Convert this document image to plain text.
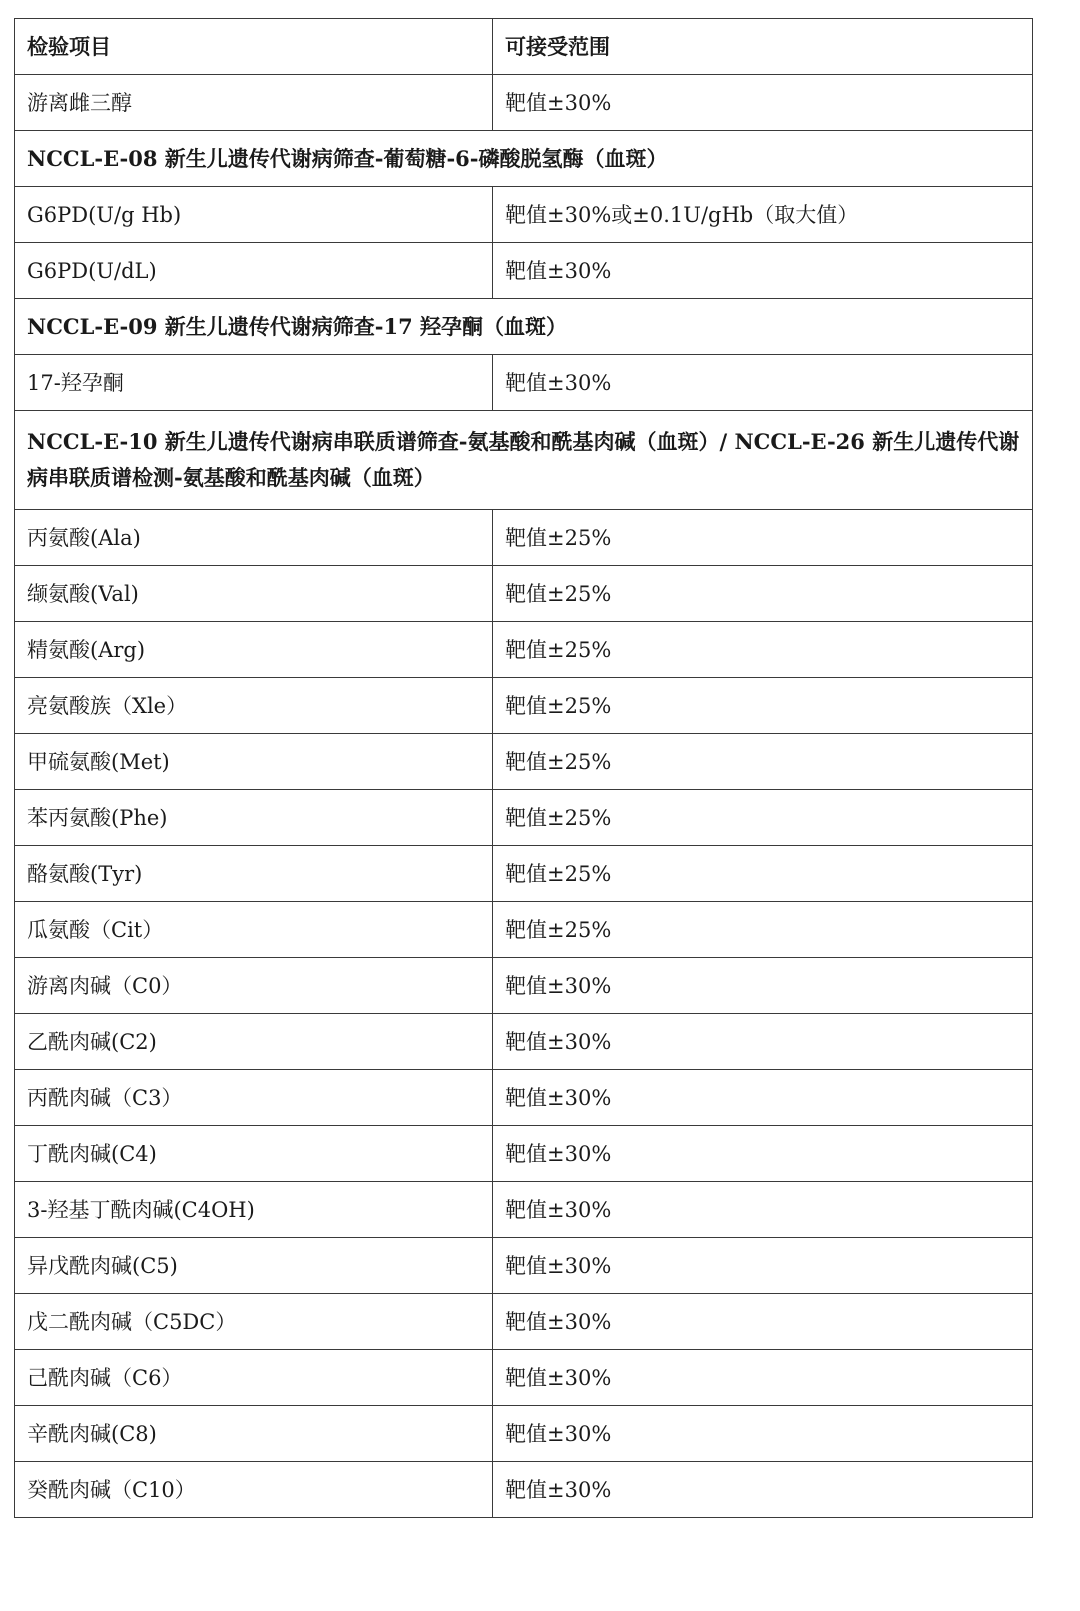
检验项目	可接受范围
游离雌三醇	靶值±30%
NCCL-E-08 新生儿遗传代谢病筛查-葡萄糖-6-磷酸脱氢酶（血斑）	
G6PD(U/g Hb)	靶值±30%或±0.1U/gHb（取大值）
G6PD(U/dL)	靶值±30%
NCCL-E-09 新生儿遗传代谢病筛查-17 羟孕酮（血斑）	
17-羟孕酮	靶值±30%
NCCL-E-10 新生儿遗传代谢病串联质谱筛查-氨基酸和酰基肉碱（血斑）/ NCCL-E-26 新生儿遗传代谢病串联质谱检测-氨基酸和酰基肉碱（血斑）	
丙氨酸(Ala)	靶值±25%
缬氨酸(Val)	靶值±25%
精氨酸(Arg)	靶值±25%
亮氨酸族（Xle）	靶值±25%
甲硫氨酸(Met)	靶值±25%
苯丙氨酸(Phe)	靶值±25%
酪氨酸(Tyr)	靶值±25%
瓜氨酸（Cit）	靶值±25%
游离肉碱（C0）	靶值±30%
乙酰肉碱(C2)	靶值±30%
丙酰肉碱（C3）	靶值±30%
丁酰肉碱(C4)	靶值±30%
3-羟基丁酰肉碱(C4OH)	靶值±30%
异戊酰肉碱(C5)	靶值±30%
戊二酰肉碱（C5DC）	靶值±30%
己酰肉碱（C6）	靶值±30%
辛酰肉碱(C8)	靶值±30%
癸酰肉碱（C10）	靶值±30%
